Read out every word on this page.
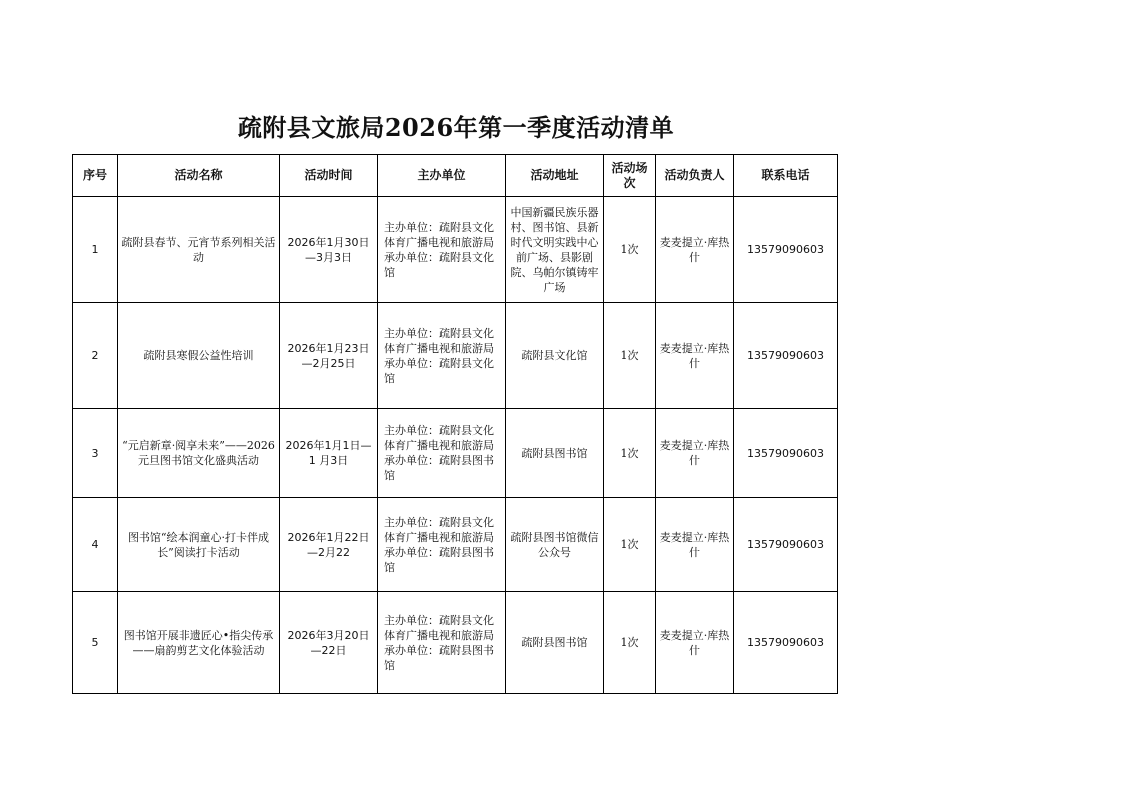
疏附县文旅局2026年第一季度活动清单
序号	活动名称	活动时间	主办单位	活动地址	活动场次	活动负责人	联系电话
1	疏附县春节、元宵节系列相关活动	2026年1月30日—3月3日	主办单位：疏附县文化体育广播电视和旅游局
承办单位：疏附县文化馆	中国新疆民族乐器村、图书馆、县新时代文明实践中心前广场、县影剧院、乌帕尔镇铸牢广场	1次	麦麦提立·库热什	13579090603
2	疏附县寒假公益性培训	2026年1月23日—2月25日	主办单位：疏附县文化体育广播电视和旅游局
承办单位：疏附县文化馆	疏附县文化馆	1次	麦麦提立·库热什	13579090603
3	“元启新章·阅享未来”——2026 元旦图书馆文化盛典活动	2026年1月1日—1 月3日	主办单位：疏附县文化体育广播电视和旅游局
承办单位：疏附县图书馆	疏附县图书馆	1次	麦麦提立·库热什	13579090603
4	图书馆“绘本润童心·打卡伴成长”阅读打卡活动	2026年1月22日—2月22	主办单位：疏附县文化体育广播电视和旅游局
承办单位：疏附县图书馆	疏附县图书馆微信公众号	1次	麦麦提立·库热什	13579090603
5	图书馆开展非遗匠心•指尖传承——扇韵剪艺文化体验活动	2026年3月20日—22日	主办单位：疏附县文化体育广播电视和旅游局
承办单位：疏附县图书馆	疏附县图书馆	1次	麦麦提立·库热什	13579090603
